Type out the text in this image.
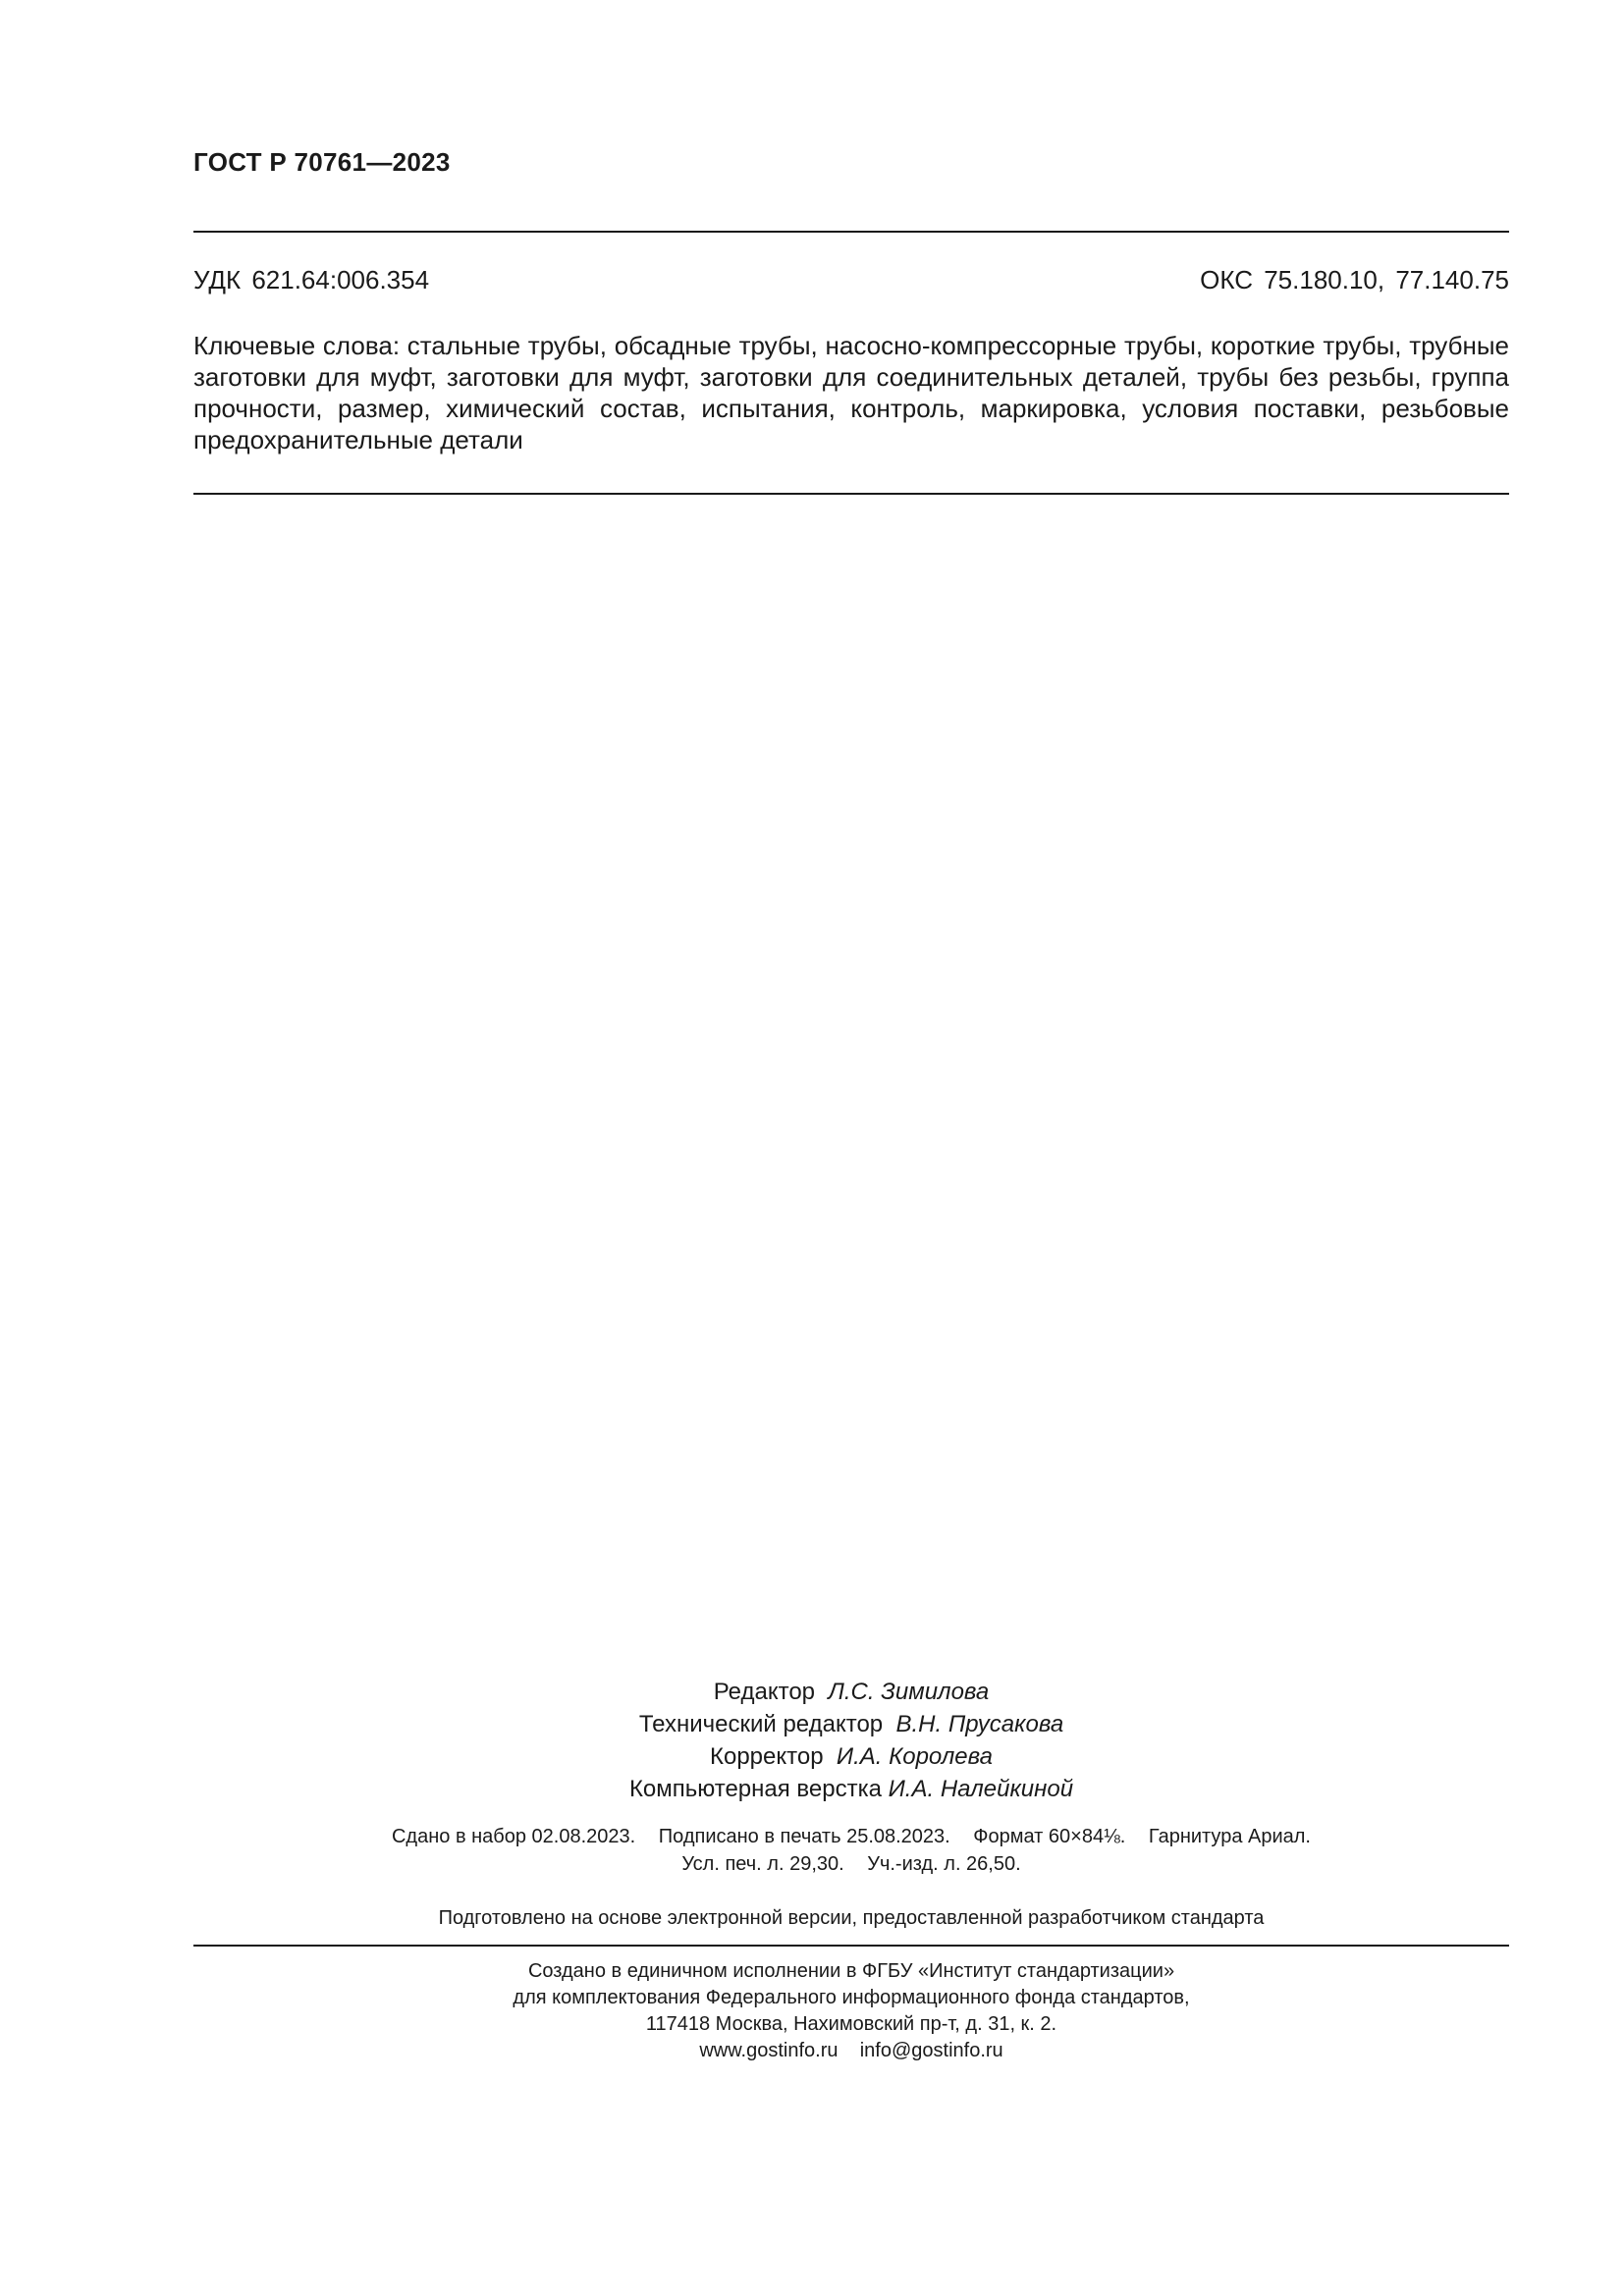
ГОСТ Р 70761—2023
УДК 621.64:006.354	ОКС 75.180.10, 77.140.75
Ключевые слова: стальные трубы, обсадные трубы, насосно-компрессорные трубы, короткие трубы, трубные заготовки для муфт, заготовки для муфт, заготовки для соединительных деталей, трубы без резьбы, группа прочности, размер, химический состав, испытания, контроль, маркировка, условия поставки, резьбовые предохранительные детали
Редактор Л.С. Зимилова
Технический редактор В.Н. Прусакова
Корректор И.А. Королева
Компьютерная верстка И.А. Налейкиной
Сдано в набор 02.08.2023. Подписано в печать 25.08.2023. Формат 60×84⅛. Гарнитура Ариал.
Усл. печ. л. 29,30. Уч.-изд. л. 26,50.
Подготовлено на основе электронной версии, предоставленной разработчиком стандарта
Создано в единичном исполнении в ФГБУ «Институт стандартизации»
для комплектования Федерального информационного фонда стандартов,
117418 Москва, Нахимовский пр-т, д. 31, к. 2.
www.gostinfo.ru info@gostinfo.ru
